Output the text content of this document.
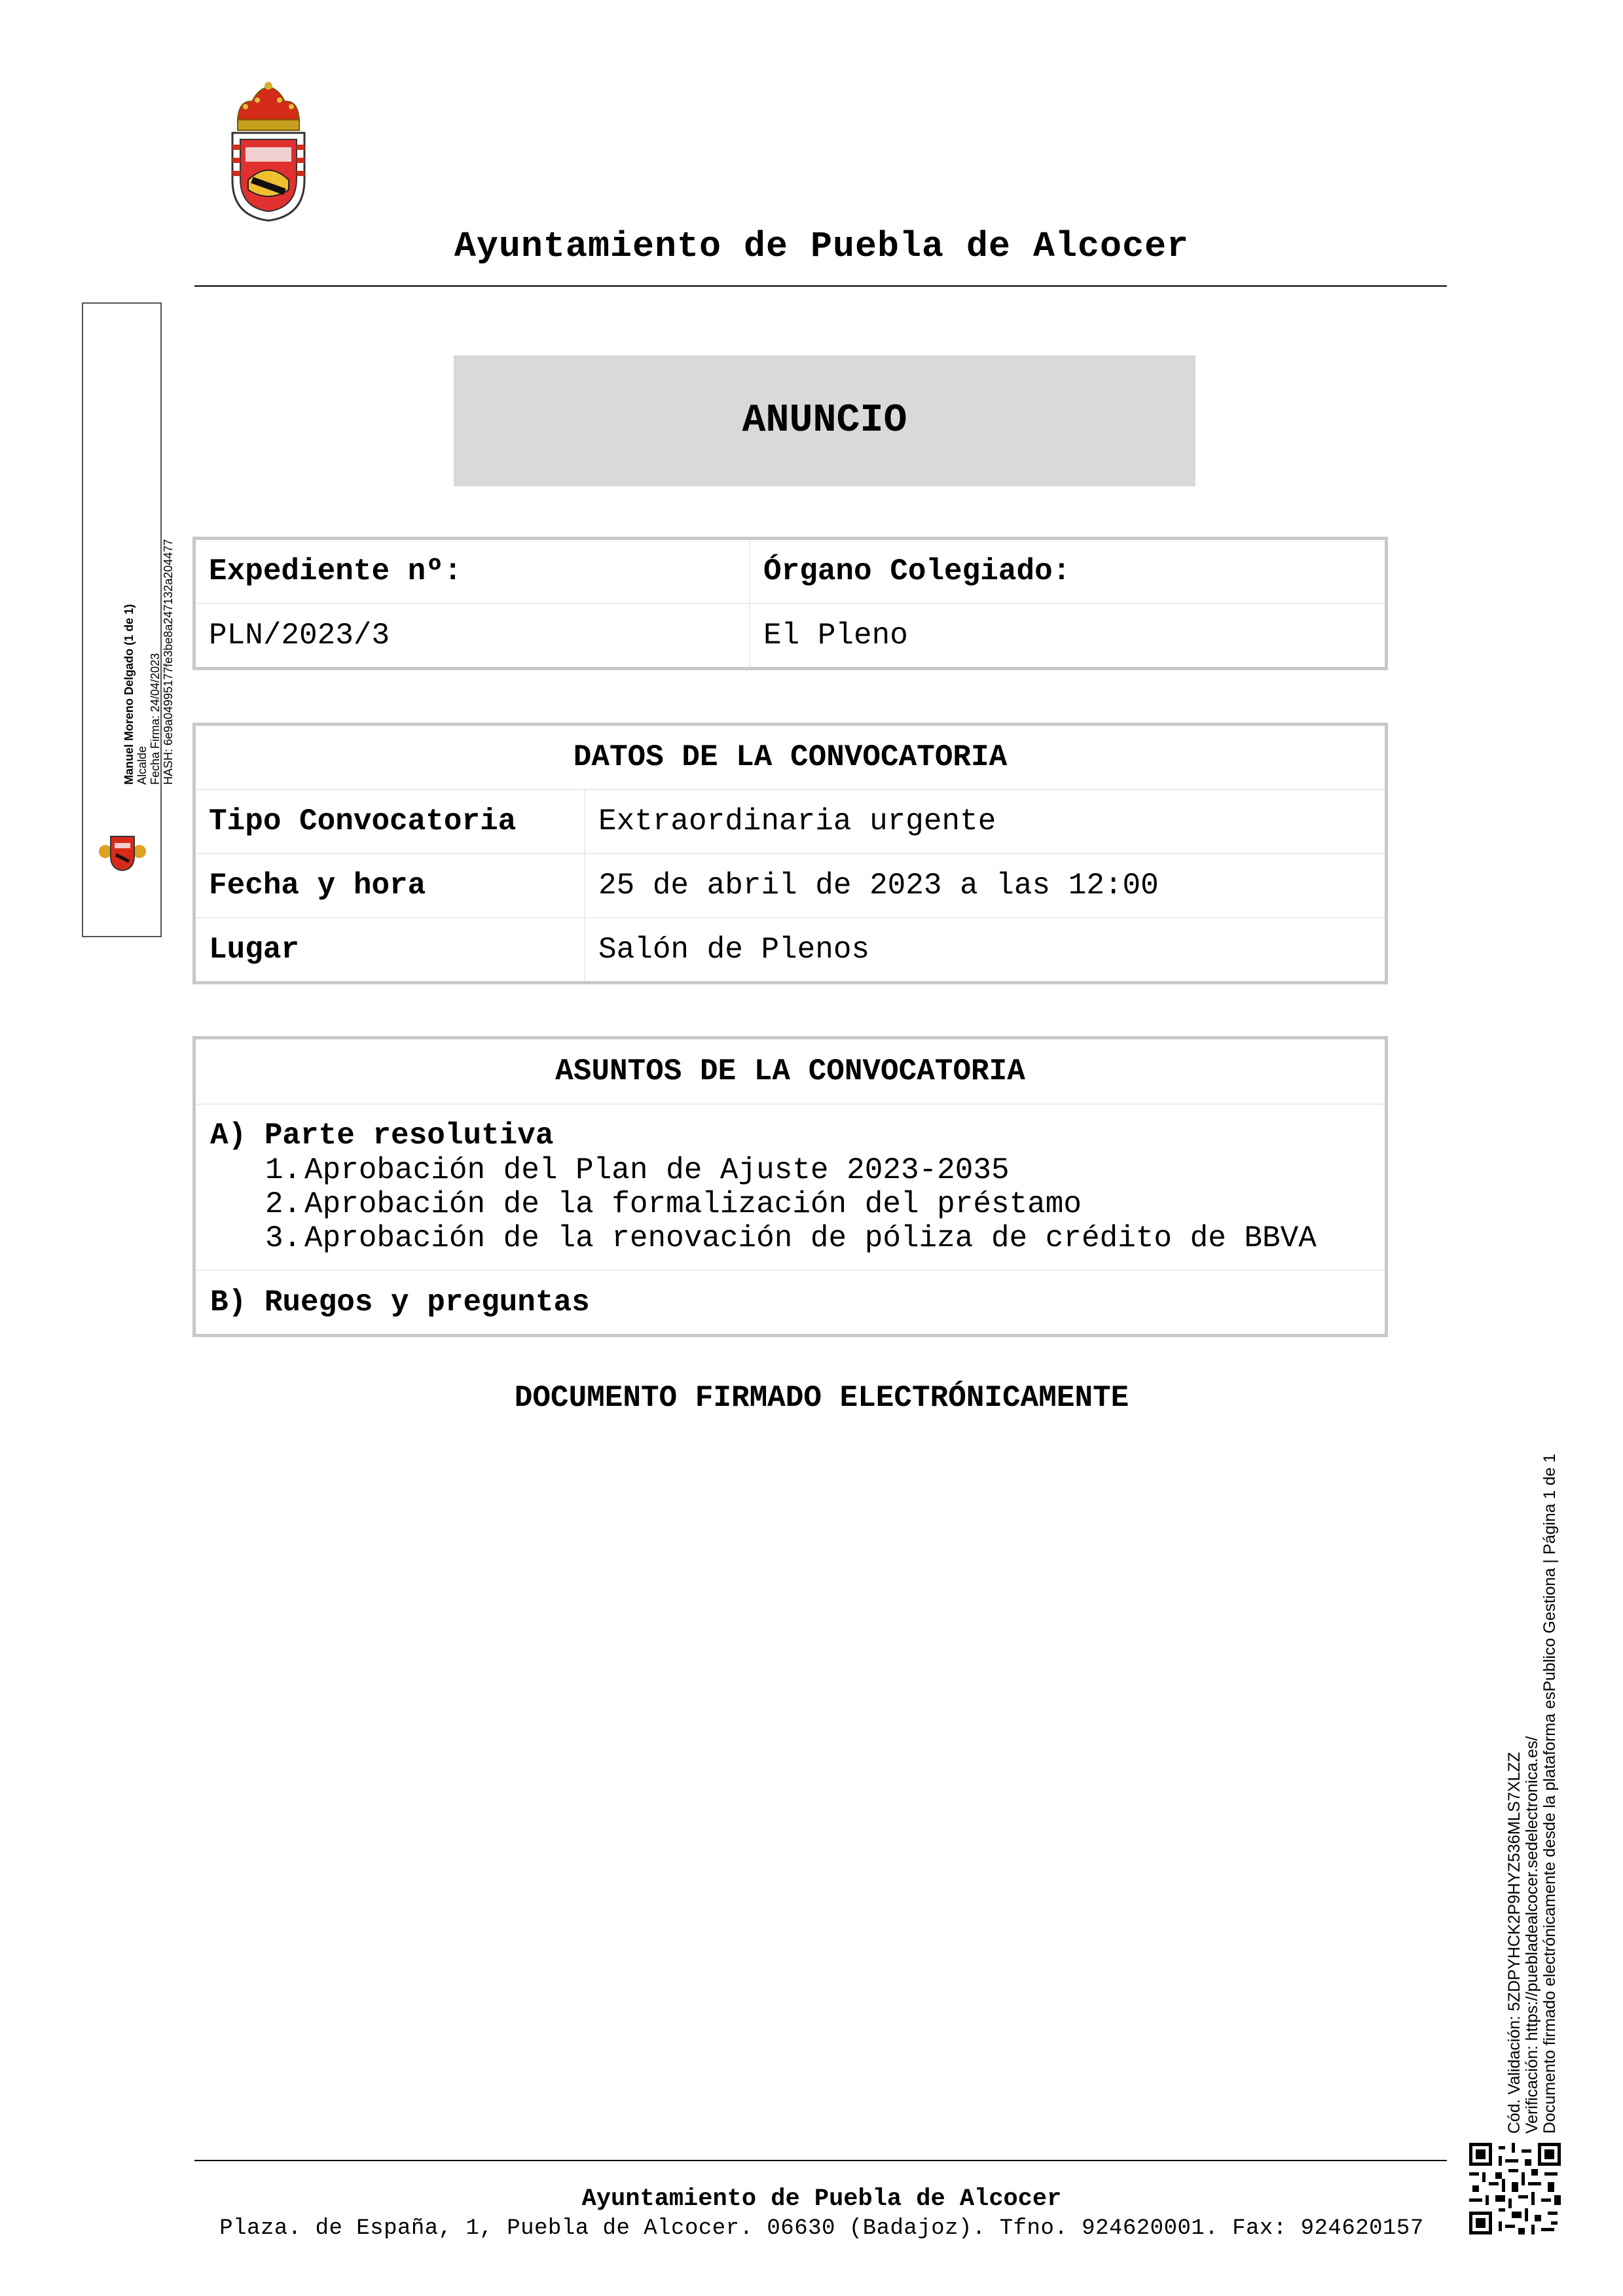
Ayuntamiento de Puebla de Alcocer
Manuel Moreno Delgado (1 de 1) Alcalde Fecha Firma: 24/04/2023 HASH: 6e9a04995177fe3be8a247132a204477
ANUNCIO
Expediente nº:	Órgano Colegiado:
PLN/2023/3	El Pleno
DATOS DE LA CONVOCATORIA	
Tipo Convocatoria	Extraordinaria urgente
Fecha y hora	25 de abril de 2023 a las 12:00
Lugar	Salón de Plenos
ASUNTOS DE LA CONVOCATORIA

A) Parte resolutiva
1. Aprobación del Plan de Ajuste 2023-2035
2. Aprobación de la formalización del préstamo
3. Aprobación de la renovación de póliza de crédito de BBVA

B) Ruegos y preguntas
DOCUMENTO FIRMADO ELECTRÓNICAMENTE
Cód. Validación: 5ZDPYHCK2P9HYZ536MLS7XLZZ Verificación: https://puebladealcocer.sedelectronica.es/ Documento firmado electrónicamente desde la plataforma esPublico Gestiona | Página 1 de 1
Ayuntamiento de Puebla de Alcocer
Plaza. de España, 1, Puebla de Alcocer. 06630 (Badajoz). Tfno. 924620001. Fax: 924620157
